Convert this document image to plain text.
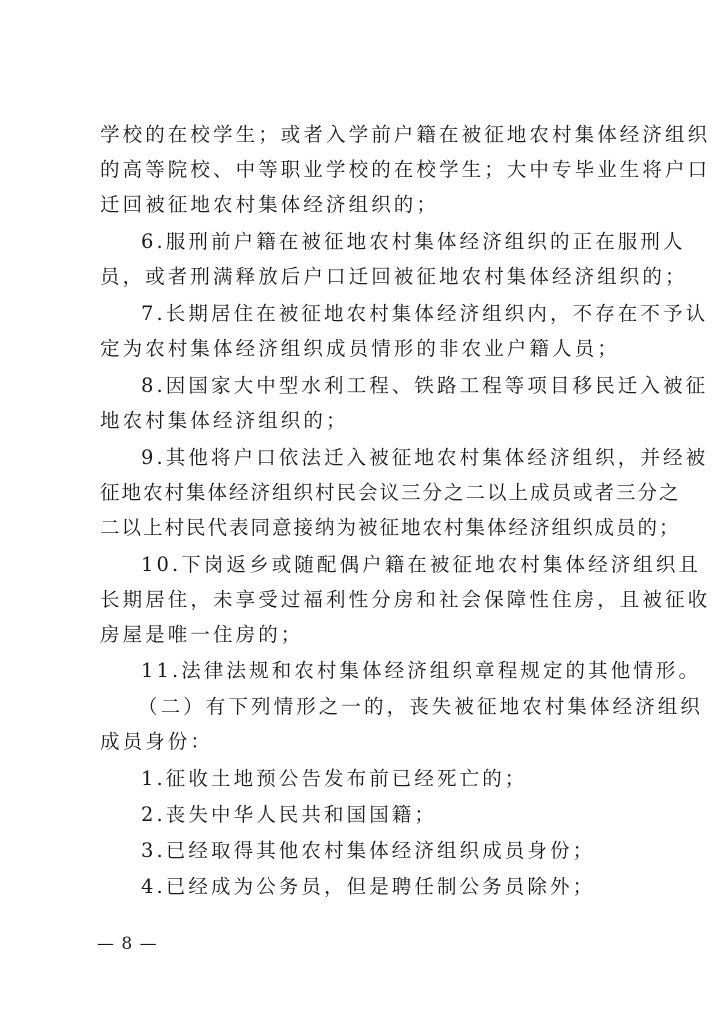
学校的在校学生；或者入学前户籍在被征地农村集体经济组织
的高等院校、中等职业学校的在校学生；大中专毕业生将户口
迁回被征地农村集体经济组织的；
6.服刑前户籍在被征地农村集体经济组织的正在服刑人
员，或者刑满释放后户口迁回被征地农村集体经济组织的；
7.长期居住在被征地农村集体经济组织内，不存在不予认
定为农村集体经济组织成员情形的非农业户籍人员；
8.因国家大中型水利工程、铁路工程等项目移民迁入被征
地农村集体经济组织的；
9.其他将户口依法迁入被征地农村集体经济组织，并经被
征地农村集体经济组织村民会议三分之二以上成员或者三分之
二以上村民代表同意接纳为被征地农村集体经济组织成员的；
10.下岗返乡或随配偶户籍在被征地农村集体经济组织且
长期居住，未享受过福利性分房和社会保障性住房，且被征收
房屋是唯一住房的；
11.法律法规和农村集体经济组织章程规定的其他情形。
（二）有下列情形之一的，丧失被征地农村集体经济组织
成员身份：
1.征收土地预公告发布前已经死亡的；
2.丧失中华人民共和国国籍；
3.已经取得其他农村集体经济组织成员身份；
4.已经成为公务员，但是聘任制公务员除外；
— 8 —
